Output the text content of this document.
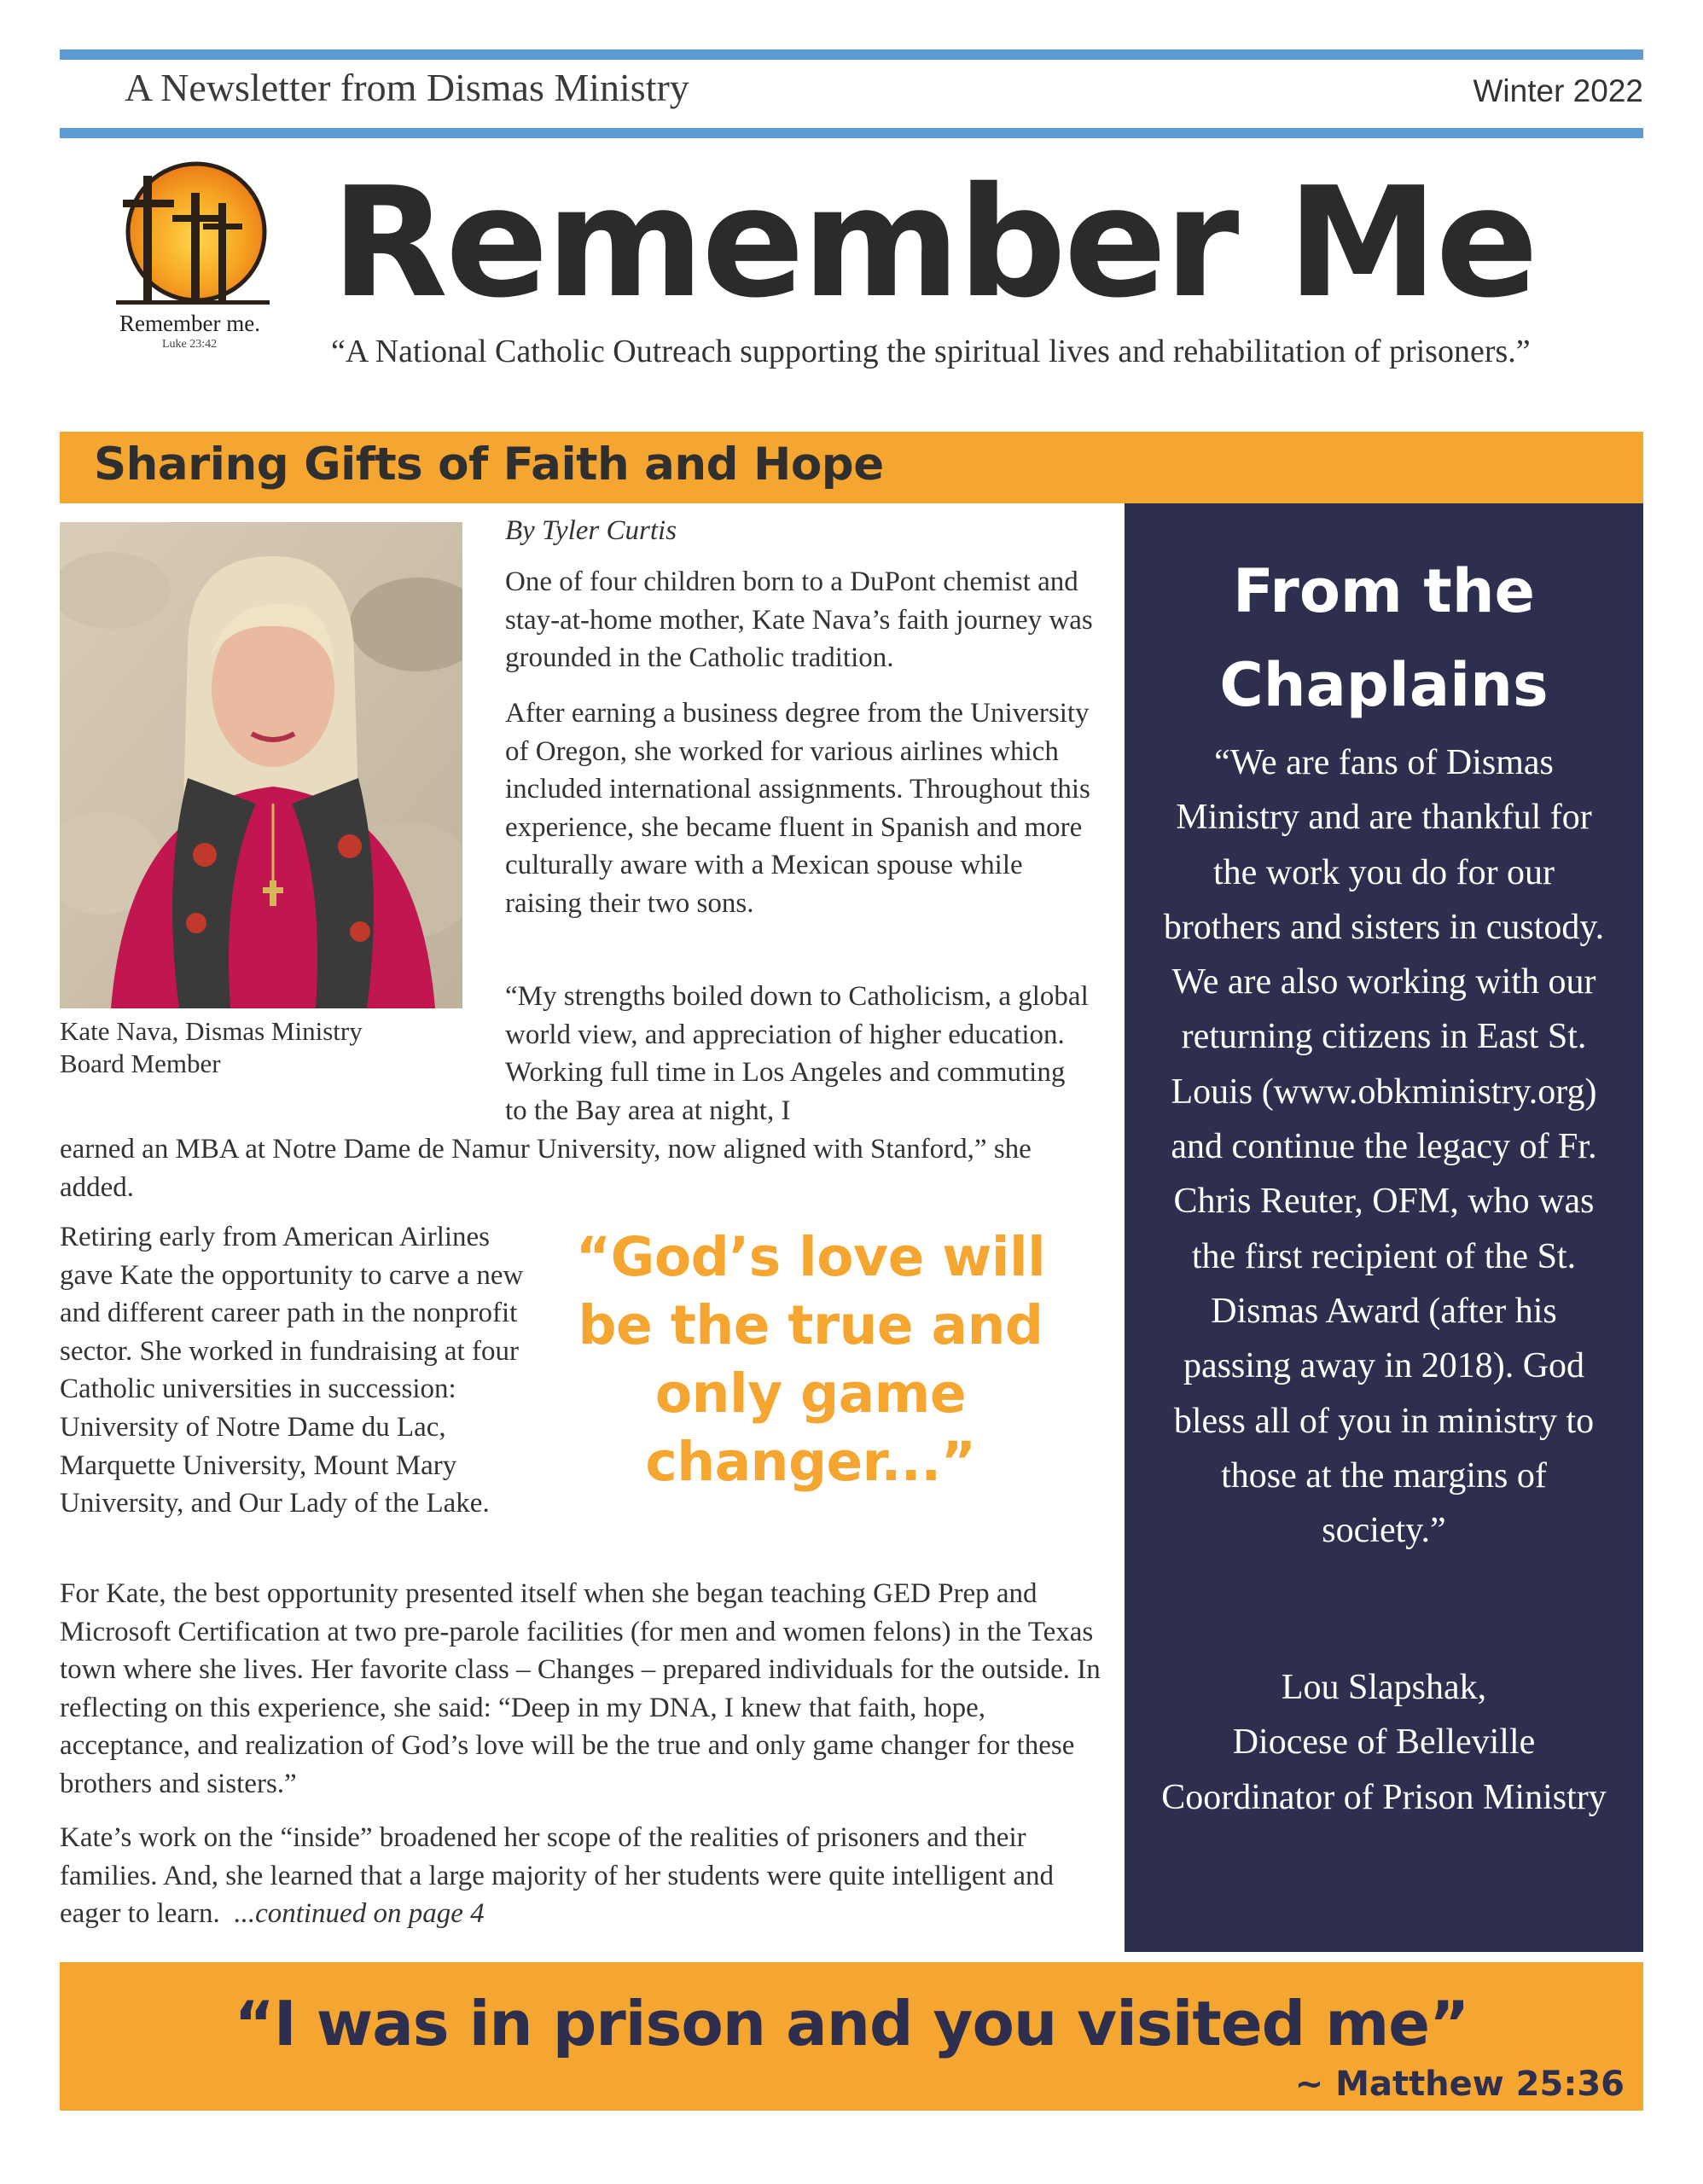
A Newsletter from Dismas Ministry	Winter 2022
Remember me.
Luke 23:42
Remember Me
“A National Catholic Outreach supporting the spiritual lives and rehabilitation of prisoners.”
Sharing Gifts of Faith and Hope
Kate Nava, Dismas Ministry
Board Member
By Tyler Curtis

One of four children born to a DuPont chemist and stay-at-home mother, Kate Nava’s faith journey was grounded in the Catholic tradition.

After earning a business degree from the University of Oregon, she worked for various airlines which included international assignments. Throughout this experience, she became fluent in Spanish and more culturally aware with a Mexican spouse while raising their two sons.

“My strengths boiled down to Catholicism, a global world view, and appreciation of higher education. Working full time in Los Angeles and commuting to the Bay area at night, I

earned an MBA at Notre Dame de Namur University, now aligned with Stanford,” she added.

Retiring early from American Airlines gave Kate the opportunity to carve a new and different career path in the nonprofit sector. She worked in fundraising at four Catholic universities in succession: University of Notre Dame du Lac, Marquette University, Mount Mary University, and Our Lady of the Lake.

For Kate, the best opportunity presented itself when she began teaching GED Prep and Microsoft Certification at two pre-parole facilities (for men and women felons) in the Texas town where she lives. Her favorite class – Changes – prepared individuals for the outside. In reflecting on this experience, she said: “Deep in my DNA, I knew that faith, hope, acceptance, and realization of God’s love will be the true and only game changer for these brothers and sisters.”

Kate’s work on the “inside” broadened her scope of the realities of prisoners and their families. And, she learned that a large majority of her students were quite intelligent and eager to learn. ...continued on page 4

“God’s love will be the true and only game changer...”
From the
Chaplains
“We are fans of Dismas Ministry and are thankful for the work you do for our brothers and sisters in custody. We are also working with our returning citizens in East St. Louis (www.obkministry.org) and continue the legacy of Fr. Chris Reuter, OFM, who was the first recipient of the St. Dismas Award (after his passing away in 2018). God bless all of you in ministry to those at the margins of society.”
Lou Slapshak,
Diocese of Belleville
Coordinator of Prison Ministry
“I was in prison and you visited me”
~ Matthew 25:36
